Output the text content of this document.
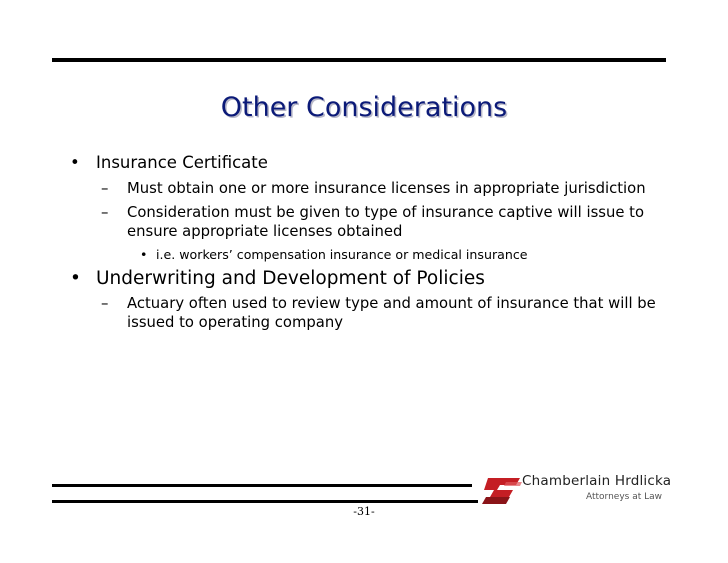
Other Considerations
• Insurance Certificate
– Must obtain one or more insurance licenses in appropriate jurisdiction
– Consideration must be given to type of insurance captive will issue to
ensure appropriate licenses obtained
• i.e. workers’ compensation insurance or medical insurance
• Underwriting and Development of Policies
– Actuary often used to review type and amount of insurance that will be
issued to operating company
Chamberlain Hrdlicka
Attorneys at Law
-31-
